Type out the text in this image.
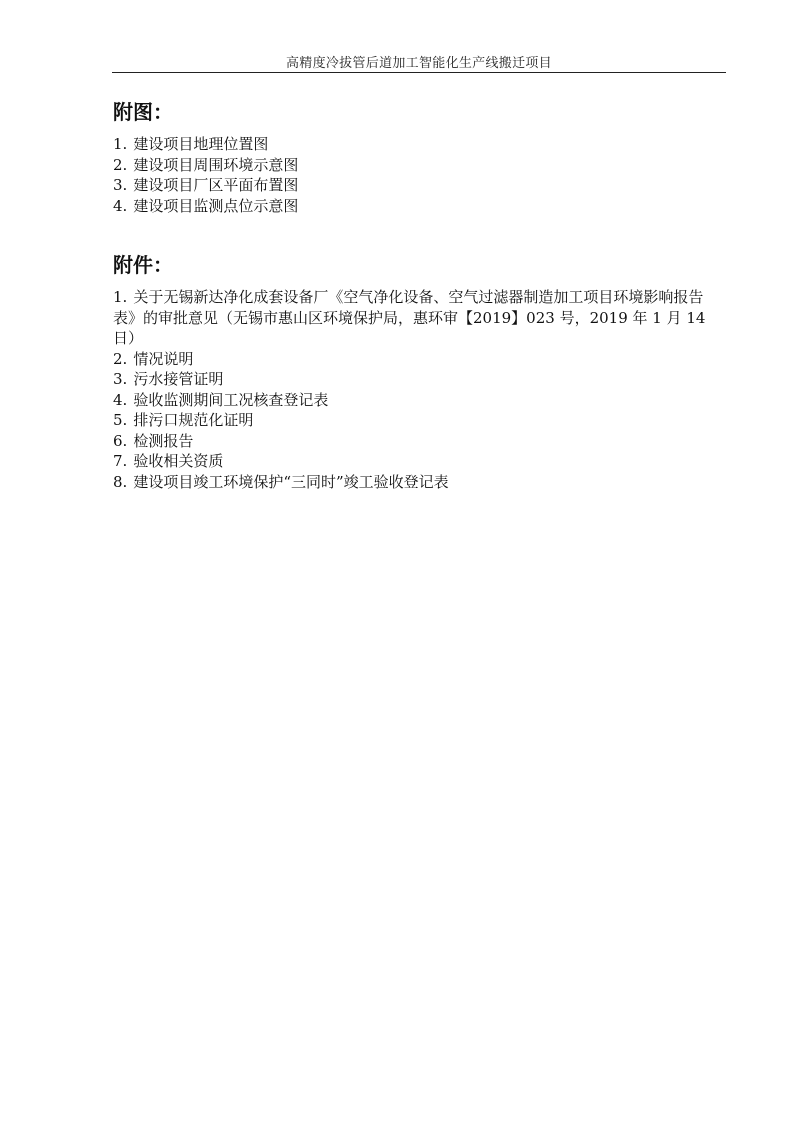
高精度冷拔管后道加工智能化生产线搬迁项目
附图：
1. 建设项目地理位置图
2. 建设项目周围环境示意图
3. 建设项目厂区平面布置图
4. 建设项目监测点位示意图
附件：
1. 关于无锡新达净化成套设备厂《空气净化设备、空气过滤器制造加工项目环境影响报告表》的审批意见（无锡市惠山区环境保护局，惠环审【2019】023 号，2019 年 1 月 14 日）
2. 情况说明
3. 污水接管证明
4. 验收监测期间工况核查登记表
5. 排污口规范化证明
6. 检测报告
7. 验收相关资质
8. 建设项目竣工环境保护“三同时”竣工验收登记表
